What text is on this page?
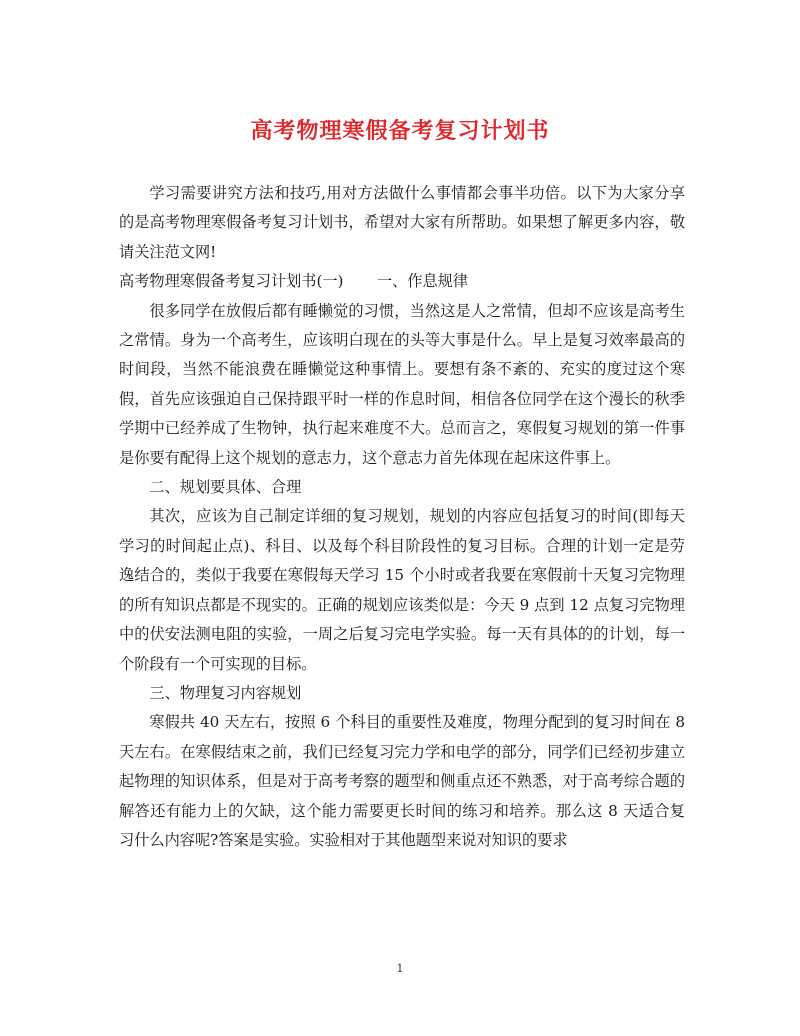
高考物理寒假备考复习计划书

学习需要讲究方法和技巧,用对方法做什么事情都会事半功倍。以下为大家分享的是高考物理寒假备考复习计划书，希望对大家有所帮助。如果想了解更多内容，敬请关注范文网!

高考物理寒假备考复习计划书(一) 一、作息规律

很多同学在放假后都有睡懒觉的习惯，当然这是人之常情，但却不应该是高考生之常情。身为一个高考生，应该明白现在的头等大事是什么。早上是复习效率最高的时间段，当然不能浪费在睡懒觉这种事情上。要想有条不紊的、充实的度过这个寒假，首先应该强迫自己保持跟平时一样的作息时间，相信各位同学在这个漫长的秋季学期中已经养成了生物钟，执行起来难度不大。总而言之，寒假复习规划的第一件事是你要有配得上这个规划的意志力，这个意志力首先体现在起床这件事上。

二、规划要具体、合理

其次，应该为自己制定详细的复习规划，规划的内容应包括复习的时间(即每天学习的时间起止点)、科目、以及每个科目阶段性的复习目标。合理的计划一定是劳逸结合的，类似于我要在寒假每天学习 15 个小时或者我要在寒假前十天复习完物理的所有知识点都是不现实的。正确的规划应该类似是：今天 9 点到 12 点复习完物理中的伏安法测电阻的实验，一周之后复习完电学实验。每一天有具体的的计划，每一个阶段有一个可实现的目标。

三、物理复习内容规划

寒假共 40 天左右，按照 6 个科目的重要性及难度，物理分配到的复习时间在 8 天左右。在寒假结束之前，我们已经复习完力学和电学的部分，同学们已经初步建立起物理的知识体系，但是对于高考考察的题型和侧重点还不熟悉，对于高考综合题的解答还有能力上的欠缺，这个能力需要更长时间的练习和培养。那么这 8 天适合复习什么内容呢?答案是实验。实验相对于其他题型来说对知识的要求

1
